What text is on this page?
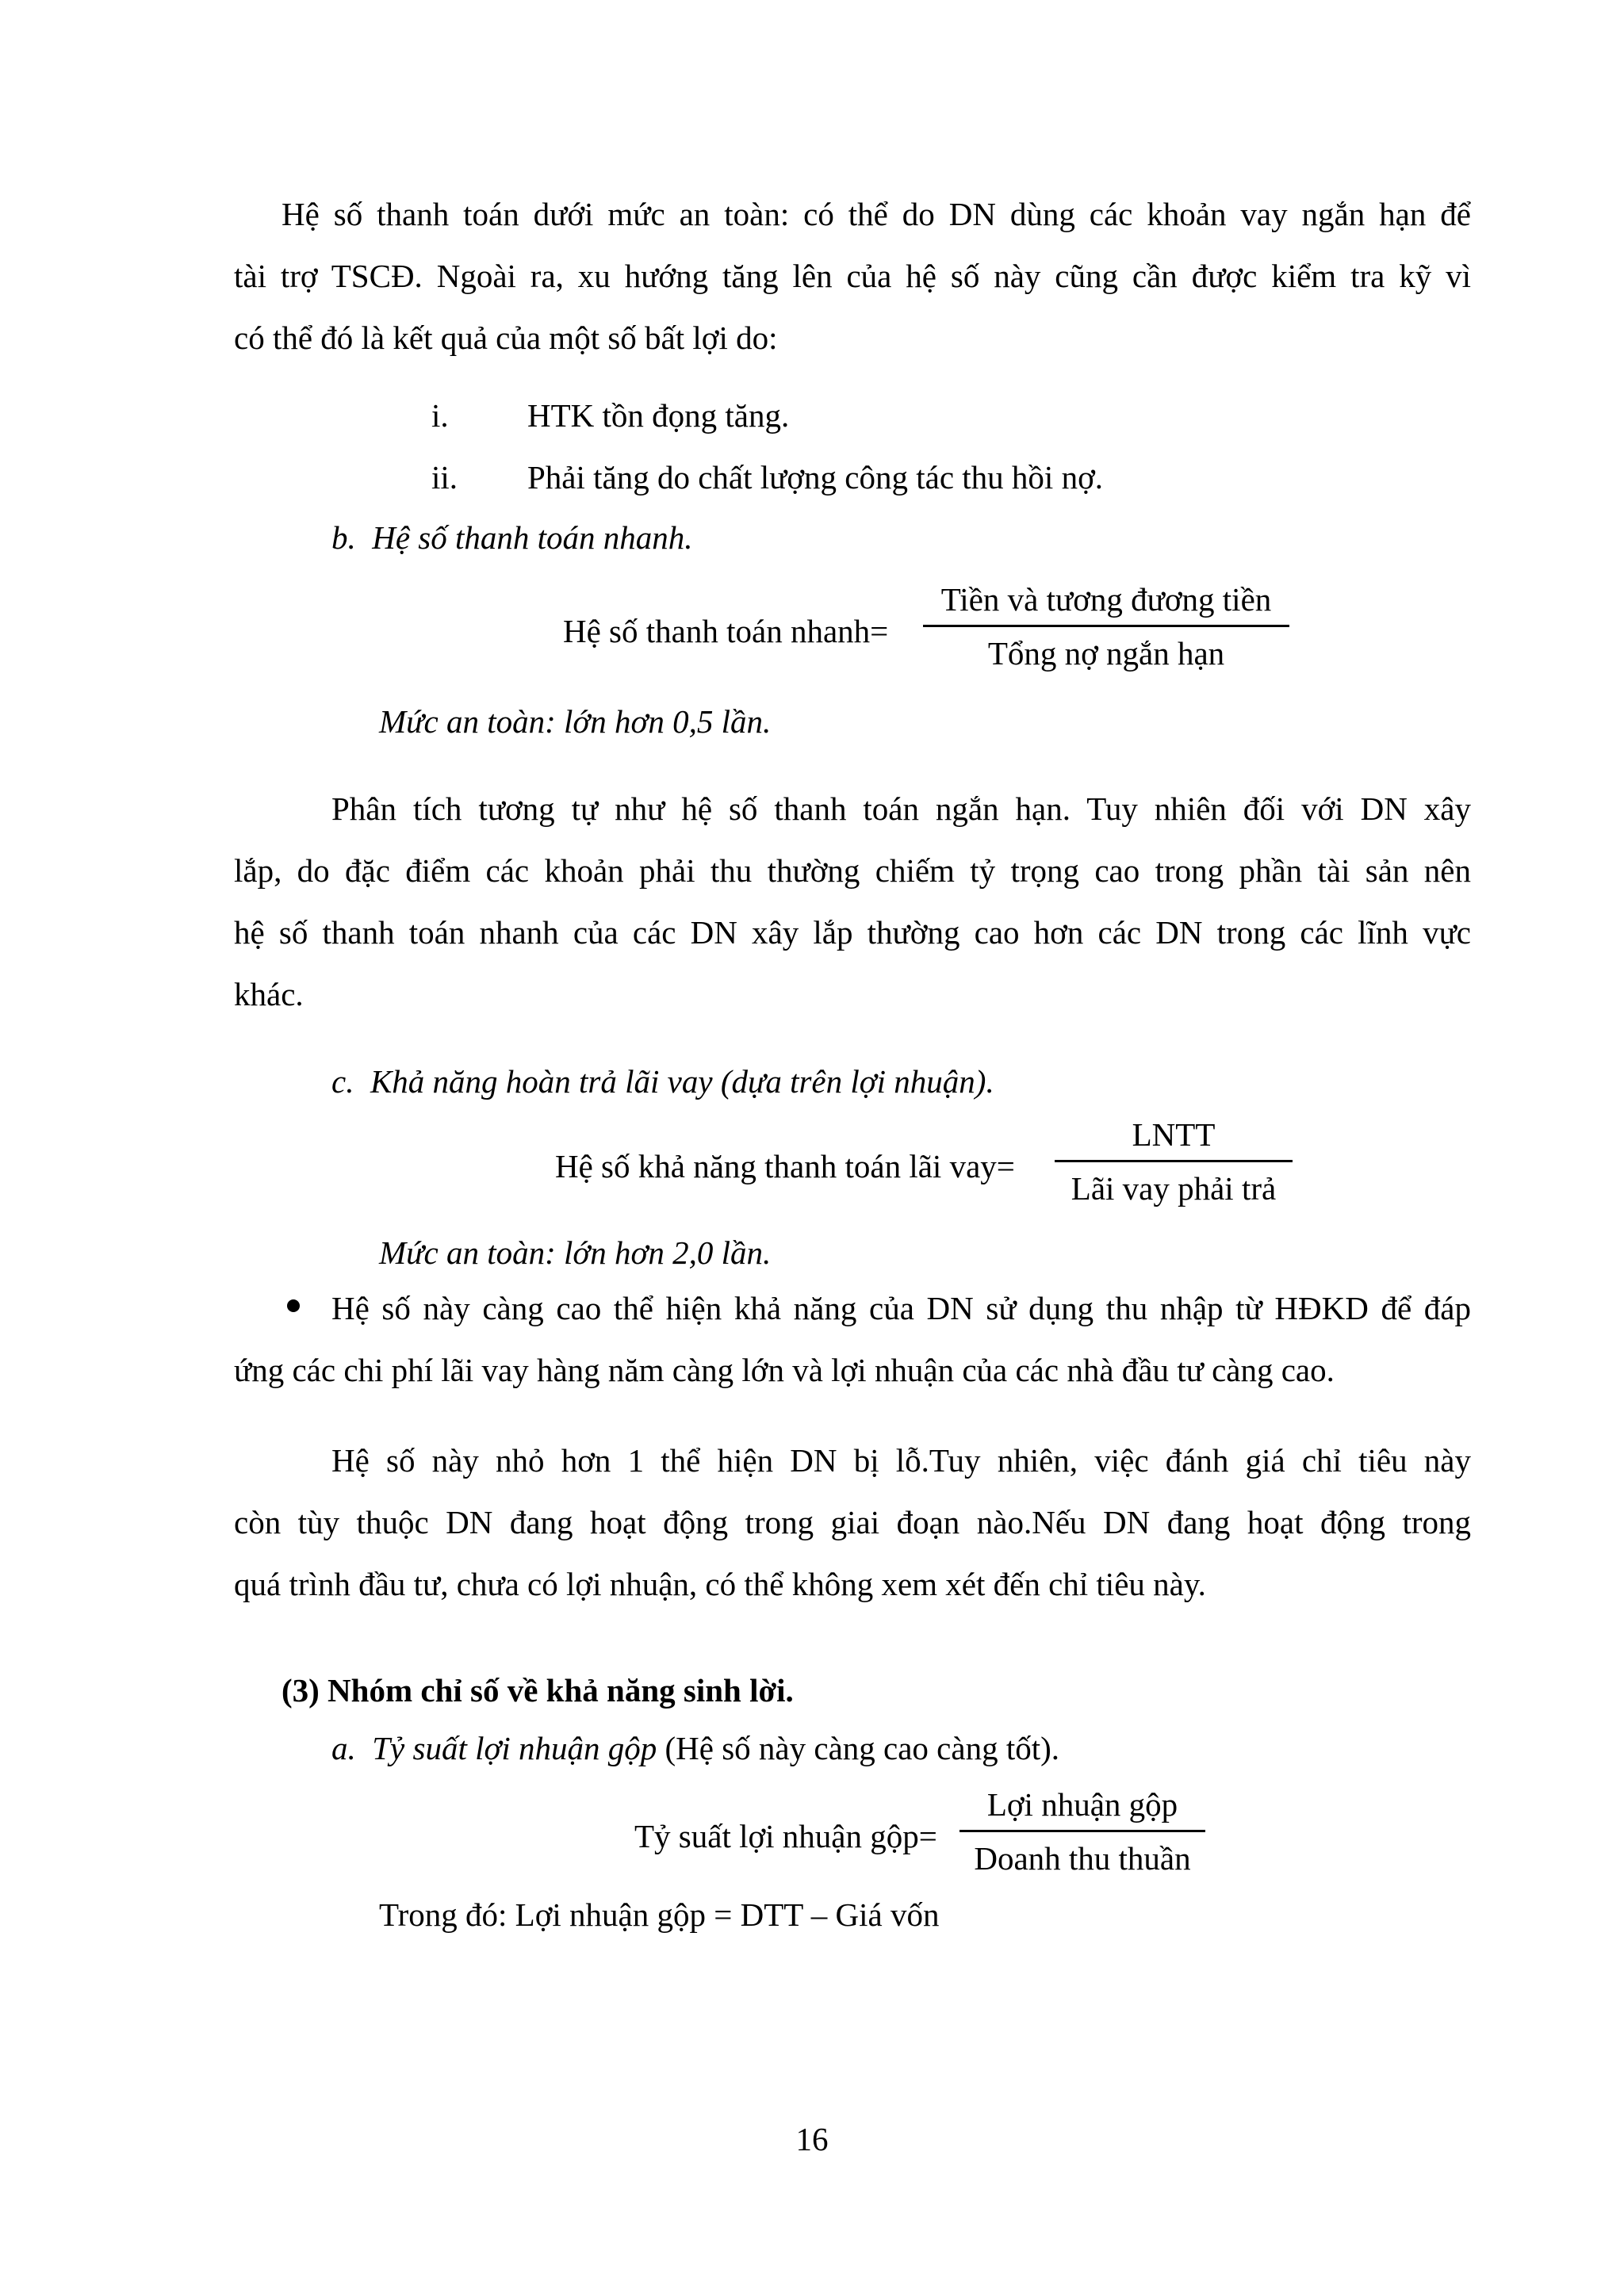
Hệ số thanh toán dưới mức an toàn: có thể do DN dùng các khoản vay ngắn hạn để
tài trợ TSCĐ. Ngoài ra, xu hướng tăng lên của hệ số này cũng cần được kiểm tra kỹ vì
có thể đó là kết quả của một số bất lợi do:
i. HTK tồn đọng tăng.
ii. Phải tăng do chất lượng công tác thu hồi nợ.
b.  Hệ số thanh toán nhanh.
Hệ số thanh toán nhanh=
Tiền và tương đương tiền
Tổng nợ ngắn hạn
Mức an toàn: lớn hơn 0,5 lần.
Phân tích tương tự như hệ số thanh toán ngắn hạn. Tuy nhiên đối với DN xây
lắp, do đặc điểm các khoản phải thu thường chiếm tỷ trọng cao trong phần tài sản nên
hệ số thanh toán nhanh của các DN xây lắp thường cao hơn các DN trong các lĩnh vực
khác.
c.  Khả năng hoàn trả lãi vay (dựa trên lợi nhuận).
Hệ số khả năng thanh toán lãi vay=
LNTT
Lãi vay phải trả
Mức an toàn: lớn hơn 2,0 lần.
Hệ số này càng cao thể hiện khả năng của DN sử dụng thu nhập từ HĐKD để đáp
ứng các chi phí lãi vay hàng năm càng lớn và lợi nhuận của các nhà đầu tư càng cao.
Hệ số này nhỏ hơn 1 thể hiện DN bị lỗ.Tuy nhiên, việc đánh giá chỉ tiêu này
còn tùy thuộc DN đang hoạt động trong giai đoạn nào.Nếu DN đang hoạt động trong
quá trình đầu tư, chưa có lợi nhuận, có thể không xem xét đến chỉ tiêu này.
(3) Nhóm chỉ số về khả năng sinh lời.
a.  Tỷ suất lợi nhuận gộp (Hệ số này càng cao càng tốt).
Tỷ suất lợi nhuận gộp=
Lợi nhuận gộp
Doanh thu thuần
Trong đó: Lợi nhuận gộp = DTT – Giá vốn
16
